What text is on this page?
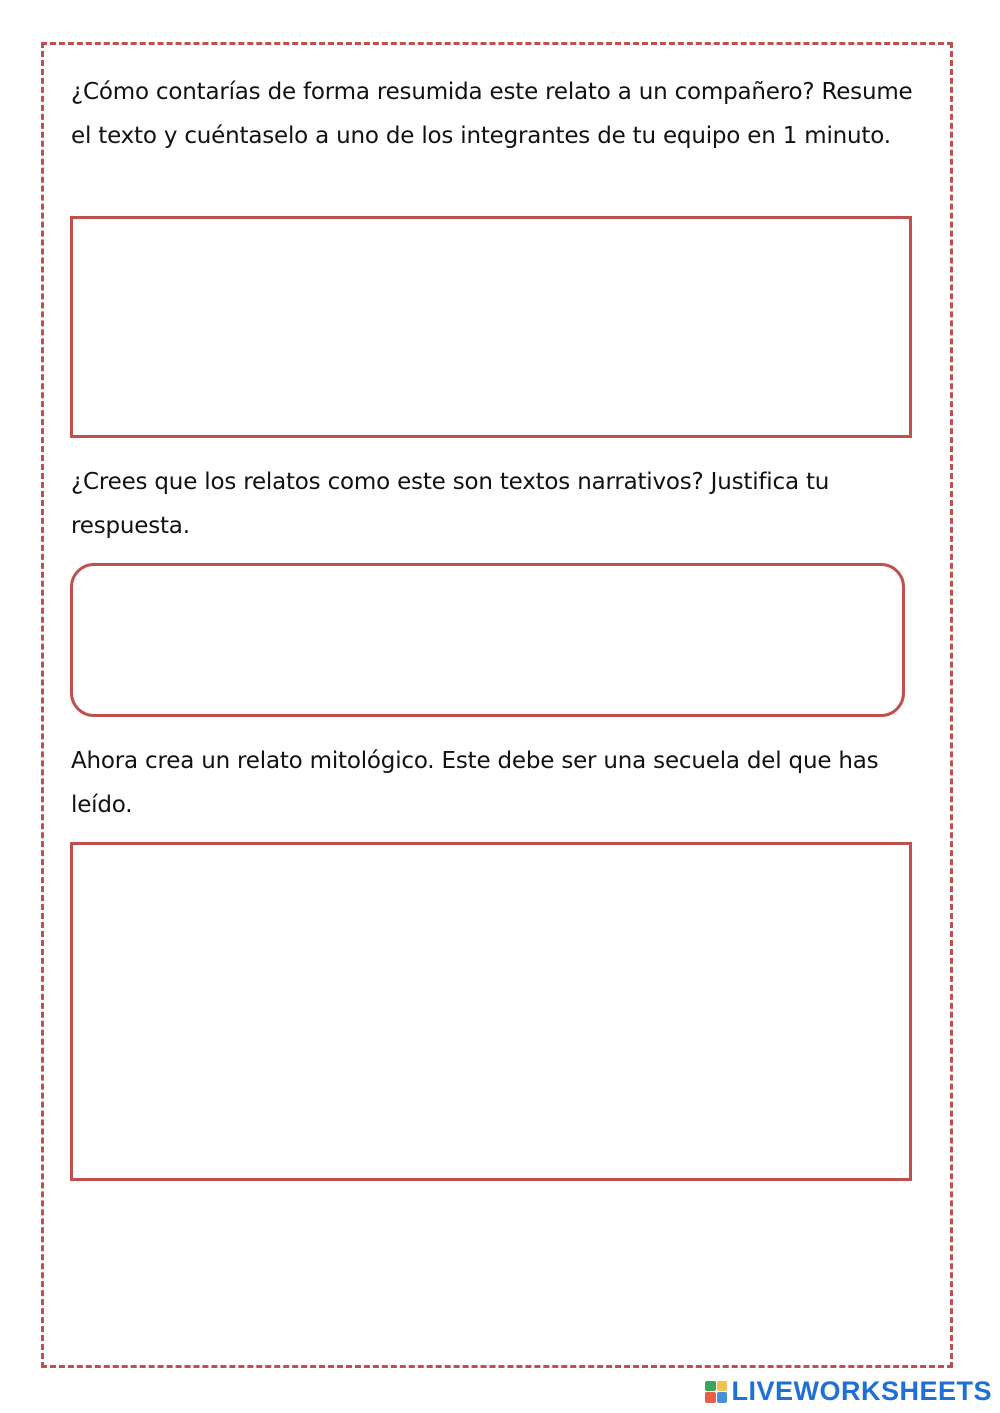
¿Cómo contarías de forma resumida este relato a un compañero? Resume el texto y cuéntaselo a uno de los integrantes de tu equipo en 1 minuto.

¿Crees que los relatos como este son textos narrativos? Justifica tu respuesta.

Ahora crea un relato mitológico. Este debe ser una secuela del que has leído.

LIVEWORKSHEETS
